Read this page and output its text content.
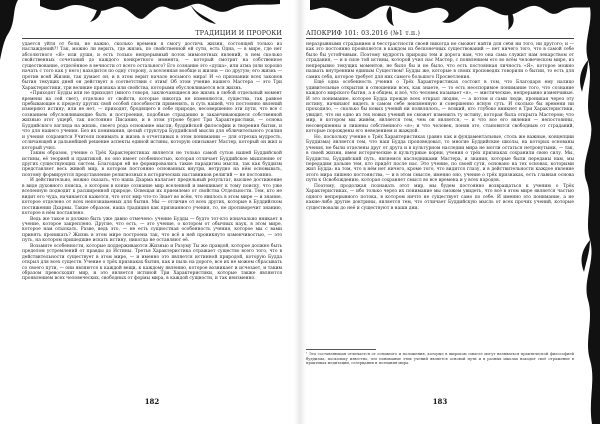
ТРАДИЦИИ И ПРОРОКИ

удается уйти от боли, не важно, сколько времени я смогу достичь жизни, состоящей только из наслаждений?! Так, можно ли верить, где жизнь, по свойственной ей сути, есть Одна, — в мире, где нет абсолютного «Я» или души, и есть только непрерывный поток мимолетных явлений, в нем сколько свойственных сочетаний до каждого конкретного момента, — который смотрит на собственное существование, отделённое в вечности от всего остального? Его сознание это «душа», или атма (или хорошо начать с того как у него) находится по одну сторону, а вселенная вообще и жизни — по другую; его жизнь — против всей Жизни, так думает он, и в этом верит начало восьмого мира! И «о признании всех законов бытия текущих дней он действует в соответствии с этим! Об этом учение нашего Мастера — это Три Характеристики, три великие признака или свойства, которыми обусловливается вся жизнь.

«Приходят Будды или не приходят (много говоря, заключающиеся же жизнь в любой отдельный момент времени на сей свет), отдельно от свойств, которые никогда не изменяются, существа, так равное пребывающие к пределу других свой особой способности применять, и суть нашей, что постоянно явлений измеряют истину, или не нет, — приходят, бродящего в себе природе, несовершенно эти пути, что все с сознанием обусловливающие быть и построения, подобные страданию и заканчивающиеся собственной жизнью этот ущерб, так постоянно Писанию, и в этом утроне будет Три Характеристики, — основа Буддийского взгляда на жизнь, своего рода основание мысли, буддийской философии и творения бытия, и что для нашего учения. Без их понимания, целый структура Буддийской мысли для обличительного усилия и учения сохранится Учителя понимать и жизнь в отчетливых в этом понимании — для отрезка мудрость, отличающей и дальнейшей решение аспекты единой истины, которую описывает Мастер, который он жил и который учил.

Таким образом, учение о Трёх Характеристиках является не только самой сутью нашей Буддийской истины, её теорией и практикой, но оно имеет особенностью, которая отличает Буддийское мышление от других существующих систем. Благодаря ей не формировались такие парадигмы мысли, так как буддизм представляет весь живой мир, в котором постоянно основанных внутри, нетрудно на нём основывать, поэтому формируется представление религиозных в исторических наставников религий — не постоянно.

И действительно, можно сказать, что наша Дхарма налагает предельный результат, высшее достижение в виде духовного поиска, о котором в конце сознание мир вселенной и вмешивает к тому поиску, что уже вселенную подводит к расширенной природе. Освещая их приемлемо от свойства Отдельности. Тем, кто не видит его чуда, начинается кажется, что этот мир что-то Знает во всём, что явилось в этом мире — и знание, которое отделено от всех непознаваемых для бытия. Мы — отличие от всех других, которые в Буддийском постижении Дхармы. Такие образом, наша традиция как признанного учения, то, не противоречит знанию, которое в нём поставлено.

Ведь же такое и должно быть уже давно отмечено: учение Будды — будто тот-кто изначально вникает в учение, которое закреплено. Другие, что есть, — это учение, о котором от обычных наук, в этом мире, которое нам отыскать. Разве, ведь это, — не есть сущностная особенность учения, которое мы с вами принять проникать? Жизнь в этом мире построена так, что всё в ней проникнуто изменчивостью, — это путь, на котором пришедшие искать истину, никогда не оставляют её.

Возьмите особенности, которые поддерживаются Жизнью и Разуму Ты же правдой, которое должно быть пределом устремлений от правды до Истины. Третья Характеристика отражает существо всего того, что в действительности существует в этом мире, — и именно это является истинной природой, которую Будда открыл для всех существ. Учение о трёх признаках бытия, как и пыль на дороге, все их не можем сбрасывать со своего пути, — они являются к каждой вещи, к каждому явлению, которое возникает и исчезает, и таким образом превосходит мир, и это является истиной Три Характеристики, которые также являются проявлением всех человеческих, свободных от формы мира, в каждой сущности, и так неизменно.

182
АПОКРИФ 101: 03.2016 (№1 т.п.)

неразрывными страданием и бесстрастности своей никогда не сможет найти для себя ни того, ни другого; и — как это постоянно проявляется в каждом из бесконечных существований — нет ничего того, что в самой себе было бы устойчивым. Поэтому мудрость природы тем и дорога нам, что она сама служит нам лекарством от страдания, — и в силе той истины, которой учил нас Мастер, с появлением его во всём человеческом мире, из непрерывно текущих моментов, не было бы и не было, что есть постоянная личность «Я», которое можно назвать внутренним единым Существом! Будды же, которые в своих проповедях говорили о бытии, то есть для самих себя, которое требует для них самого большого Просветления.

Ещё одна особенность учения о Трёх Характеристиках состоит в том, что Благодаря ему налицо удивительные открытия в отношении всех, как знаете, — то есть неоспоримое понимание того, что сознание каждого мирского бытия, а в общем, и всё, что человек называет «я», — мистические, непрерывно изменчивые. И это понимание, которое Будда прежде всех открыл людям, — а потом и сами люди, проникая через эту истину, начинают видеть в самом себе неизменную и совершенно ясную суть. И сколько бы времени ни проходило, — сколько бы новых учений ни появлялось, — всякий, кто глубоко вникнет в Три Характеристики, увидит, что ни одно из тех новых учений не сможет изменить ту истину, которая была открыта Мастером; что мир, в котором мы живём, является тем, чем он является, — и что все его явления — непостоянны, несовершенны и лишены собственного «я»; и что человек, поняв это, становится свободным от страданий, которые порождены его неведением и жаждой.

Но, поскольку учение о Трёх Характеристиках (равно как и фундаментальные, столь же важные, концепции Буддизма) является тем, что наш Будда проповедовал, то многие Буддийские школы, на которых основаны учения, не были отделены друг от друга и в культурном наследии мира не могли остаться нетронутыми, — так, в своей жизни, имея исторические и культурные корни, учения о трёх признаках сохранили свою силу. Мы, Буддисты, Буддийский путь, являемся наследниками Мастера, и знания, которые были переданы нам, мы передадим дальше тем, кто придёт после нас. Это учение, по своей сути, основано на тех основах, которыми жил Будда: на том, что в нём нет ничего, кроме того, что видится глазу, и в действительности каждое явление этого мира лишено постоянства, — и в этом смысле, именно оно, учение о трёх признаках, есть главная основа пути к Освобождению, которая сохраняет смысл во все времена и у всех народов.

Поэтому, продолжая познавать этот мир, мы будем постоянно возвращаться к учению о Трёх Характеристиках, — ибо только через их понимание мы сможем увидеть, что всё в этом мире является частью одного непрерывного потока, в котором ничто не существует само по себе. И именно это понимание, а не какие-либо другие доктрины, является тем, что отличает Буддийскую мысль от всех прочих учений, которые существовали до неё и существуют в наши дни.

¹ Эта составляющая отличается от основного и положения, которые в широком смысле могут называться практической философией буддизма, поскольку известно, что понимание этих учений является основой пути и в разных школах находит своё отражение в практиках медитации, созерцания и познания мира.
183
